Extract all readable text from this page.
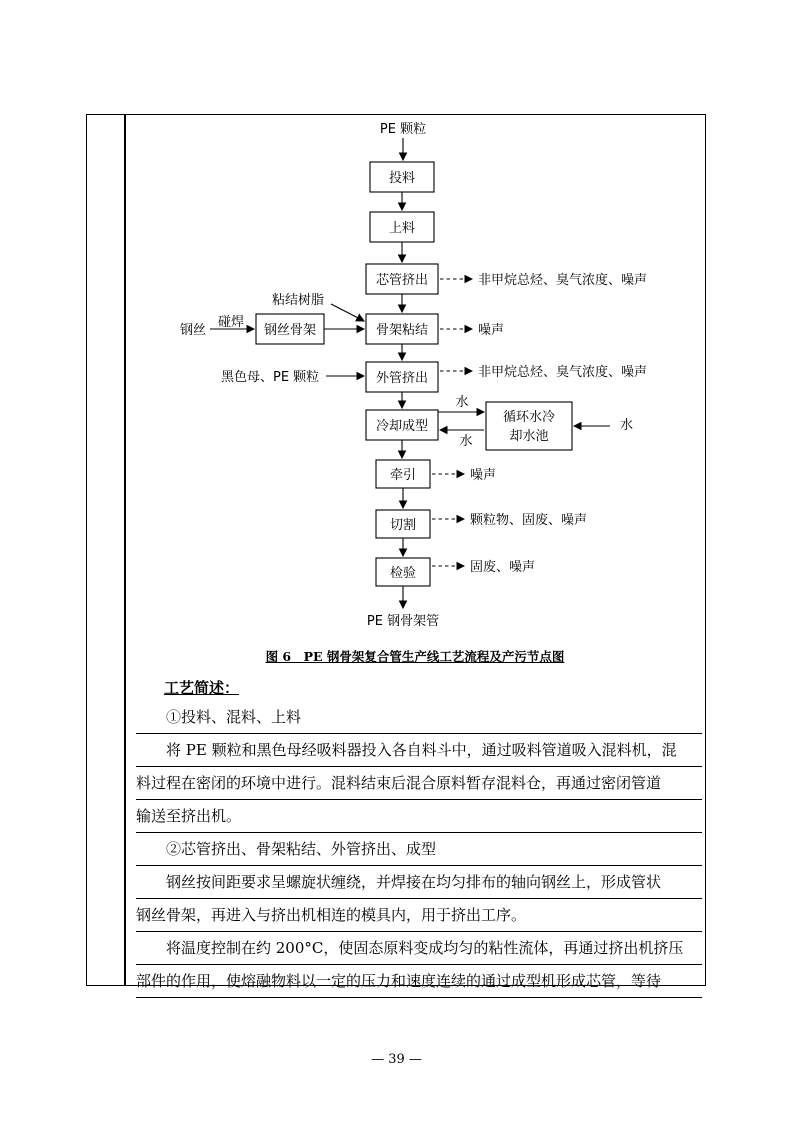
PE 颗粒
投料
上料
芯管挤出	非甲烷总烃、臭气浓度、噪声
粘结树脂
钢丝
碰焊
钢丝骨架	骨架粘结	噪声
黑色母、PE 颗粒	外管挤出	非甲烷总烃、臭气浓度、噪声
冷却成型
水
循环水冷
却水池
水
水
牵引	噪声
切割	颗粒物、固废、噪声
检验	固废、噪声
PE 钢骨架管
图 6　PE 钢骨架复合管生产线工艺流程及产污节点图
工艺简述：
①投料、混料、上料
将 PE 颗粒和黑色母经吸料器投入各自料斗中，通过吸料管道吸入混料机，混
料过程在密闭的环境中进行。混料结束后混合原料暂存混料仓，再通过密闭管道
输送至挤出机。
②芯管挤出、骨架粘结、外管挤出、成型
钢丝按间距要求呈螺旋状缠绕，并焊接在均匀排布的轴向钢丝上，形成管状
钢丝骨架，再进入与挤出机相连的模具内，用于挤出工序。
将温度控制在约 200°C，使固态原料变成均匀的粘性流体，再通过挤出机挤压
部件的作用，使熔融物料以一定的压力和速度连续的通过成型机形成芯管，等待
— 39 —
